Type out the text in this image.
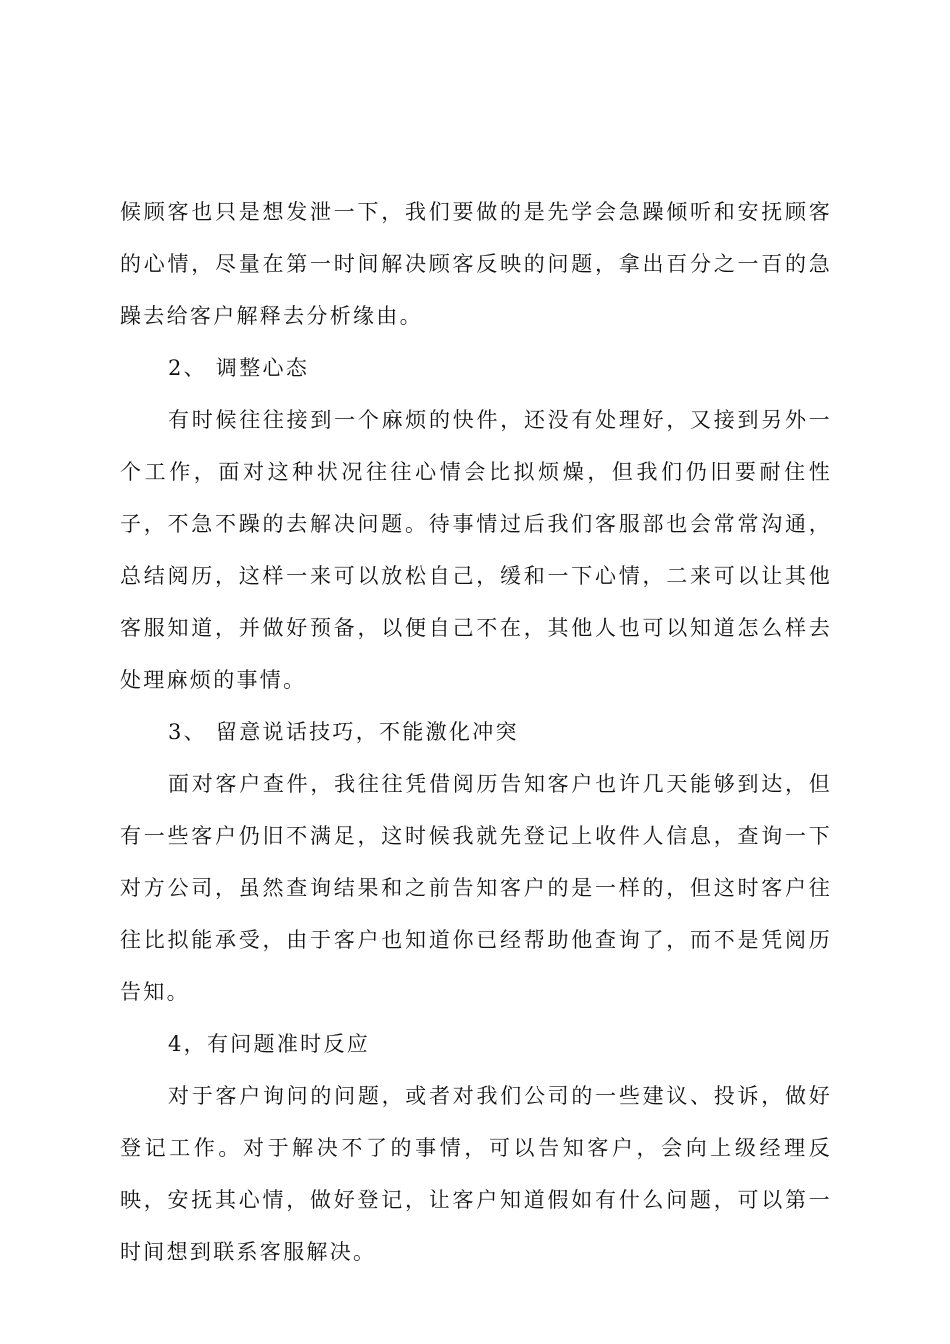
候顾客也只是想发泄一下，我们要做的是先学会急躁倾听和安抚顾客的心情，尽量在第一时间解决顾客反映的问题，拿出百分之一百的急躁去给客户解释去分析缘由。

2、 调整心态

有时候往往接到一个麻烦的快件，还没有处理好，又接到另外一个工作，面对这种状况往往心情会比拟烦燥，但我们仍旧要耐住性子，不急不躁的去解决问题。待事情过后我们客服部也会常常沟通，总结阅历，这样一来可以放松自己，缓和一下心情，二来可以让其他客服知道，并做好预备，以便自己不在，其他人也可以知道怎么样去处理麻烦的事情。

3、 留意说话技巧，不能激化冲突

面对客户查件，我往往凭借阅历告知客户也许几天能够到达，但有一些客户仍旧不满足，这时候我就先登记上收件人信息，查询一下对方公司，虽然查询结果和之前告知客户的是一样的，但这时客户往往比拟能承受，由于客户也知道你已经帮助他查询了，而不是凭阅历告知。

4，有问题准时反应

对于客户询问的问题，或者对我们公司的一些建议、投诉，做好登记工作。对于解决不了的事情，可以告知客户，会向上级经理反映，安抚其心情，做好登记，让客户知道假如有什么问题，可以第一时间想到联系客服解决。
